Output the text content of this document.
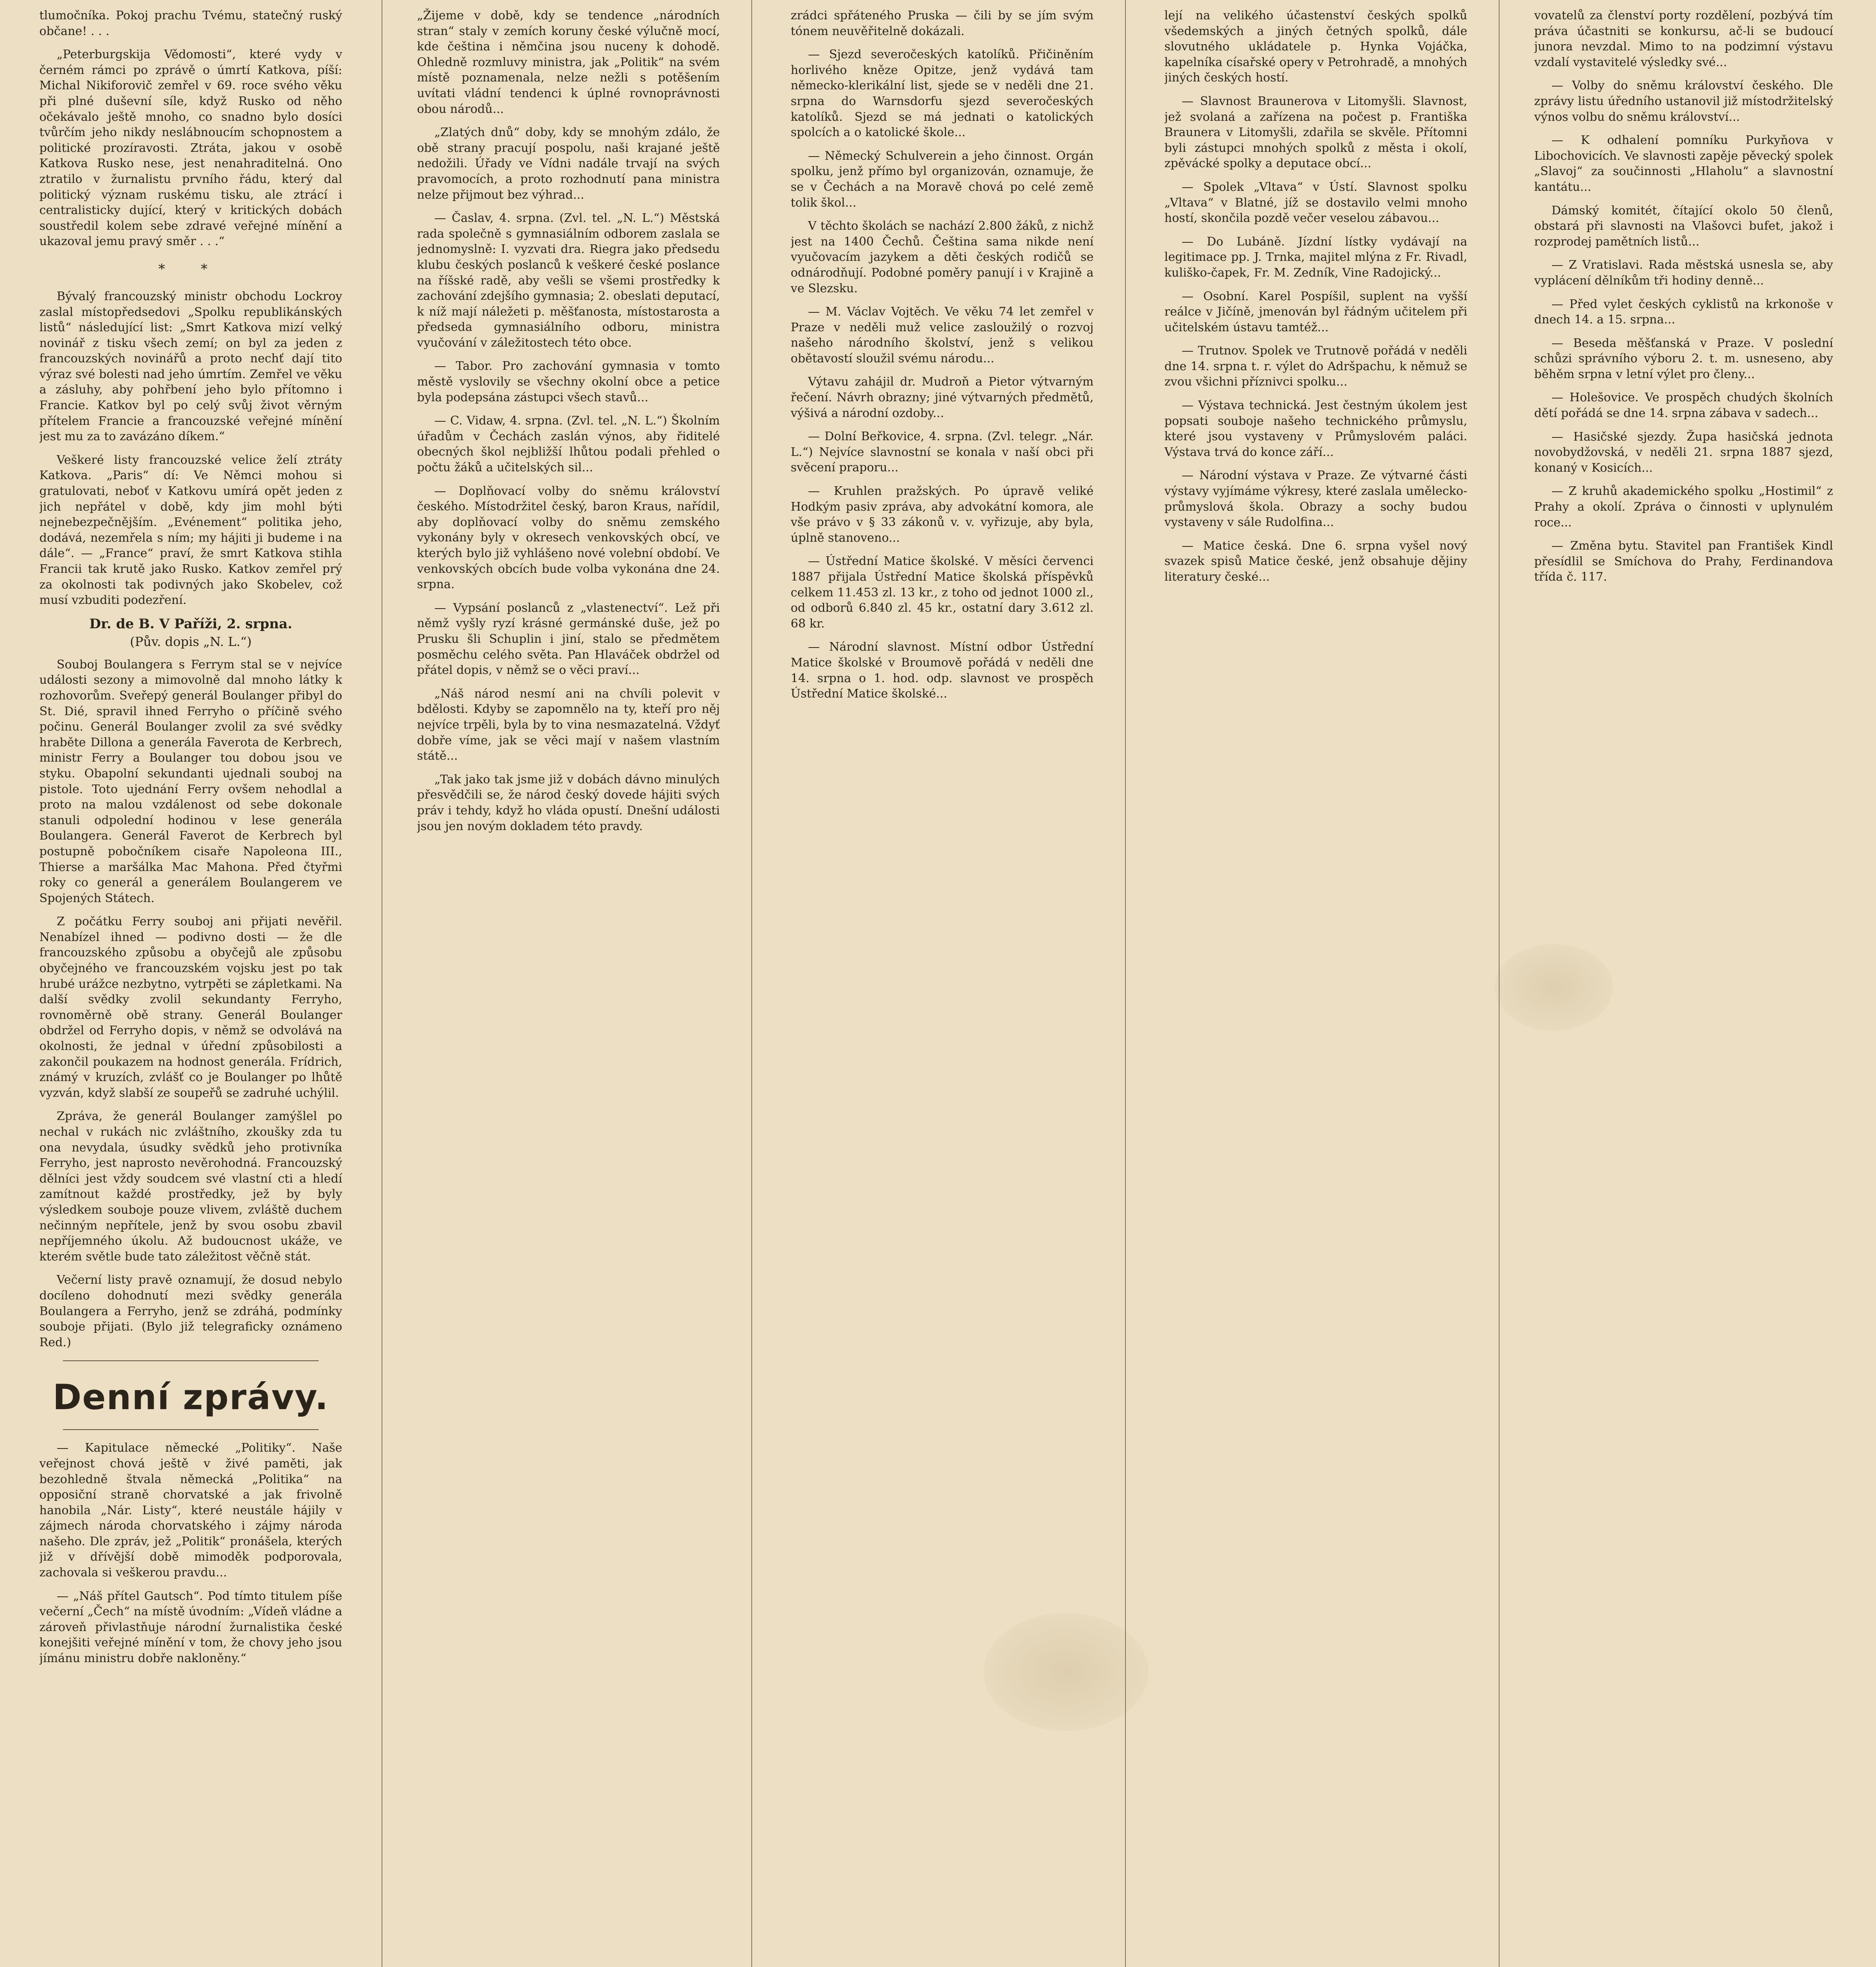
tlumočníka. Pokoj prachu Tvému, statečný ruský občane! . . .

„Peterburgskija Vědomosti“, které vydy v černém rámci po zprávě o úmrtí Katkova, píší: Michal Nikiforovič zemřel v 69. roce svého věku při plné duševní síle, když Rusko od něho očekávalo ještě mnoho, co snadno bylo dosíci tvůrčím jeho nikdy neslábnoucím schopnostem a politické prozíravosti. Ztráta, jakou v osobě Katkova Rusko nese, jest nenahraditelná. Ono ztratilo v žurnalistu prvního řádu, který dal politický význam ruskému tisku, ale ztrácí i centralisticky dující, který v kritických dobách soustředil kolem sebe zdravé veřejné mínění a ukazoval jemu pravý směr . . .“

* *

Bývalý francouzský ministr obchodu Lockroy zaslal místopředsedovi „Spolku republikánských listů“ následující list: „Smrt Katkova mizí velký novinář z tisku všech zemí; on byl za jeden z francouzských novinářů a proto nechť dají tito výraz své bolesti nad jeho úmrtím. Zemřel ve věku a zásluhy, aby pohřbení jeho bylo přítomno i Francie. Katkov byl po celý svůj život věrným přítelem Francie a francouzské veřejné mínění jest mu za to zavázáno díkem.“

Veškeré listy francouzské velice želí ztráty Katkova. „Paris“ dí: Ve Němci mohou si gratulovati, neboť v Katkovu umírá opět jeden z jich nepřátel v době, kdy jim mohl býti nejnebezpečnějším. „Evénement“ politika jeho, dodává, nezemřela s ním; my hájiti ji budeme i na dále“. — „France“ praví, že smrt Katkova stihla Francii tak krutě jako Rusko. Katkov zemřel prý za okolnosti tak podivných jako Skobelev, což musí vzbuditi podezření.

Dr. de B. V Paříži, 2. srpna.
(Pův. dopis „N. L.“)

Souboj Boulangera s Ferrym stal se v nejvíce události sezony a mimovolně dal mnoho látky k rozhovorům. Sveřepý generál Boulanger přibyl do St. Dié, spravil ihned Ferryho o příčině svého počinu. Generál Boulanger zvolil za své svědky hraběte Dillona a generála Faverota de Kerbrech, ministr Ferry a Boulanger tou dobou jsou ve styku. Obapolní sekundanti ujednali souboj na pistole. Toto ujednání Ferry ovšem nehodlal a proto na malou vzdálenost od sebe dokonale stanuli odpolední hodinou v lese generála Boulangera. Generál Faverot de Kerbrech byl postupně pobočníkem cisaře Napoleona III., Thierse a maršálka Mac Mahona. Před čtyřmi roky co generál a generálem Boulangerem ve Spojených Státech.

Z počátku Ferry souboj ani přijati nevěřil. Nenabízel ihned — podivno dosti — že dle francouzského způsobu a obyčejů ale způsobu obyčejného ve francouzském vojsku jest po tak hrubé urážce nezbytno, vytrpěti se zápletkami. Na další svědky zvolil sekundanty Ferryho, rovnoměrně obě strany. Generál Boulanger obdržel od Ferryho dopis, v němž se odvolává na okolnosti, že jednal v úřední způsobilosti a zakončil poukazem na hodnost generála. Frídrich, známý v kruzích, zvlášť co je Boulanger po lhůtě vyzván, když slabší ze soupeřů se zadruhé uchýlil.

Zpráva, že generál Boulanger zamýšlel po nechal v rukách nic zvláštního, zkoušky zda tu ona nevydala, úsudky svědků jeho protivníka Ferryho, jest naprosto nevěrohodná. Francouzský dělníci jest vždy soudcem své vlastní cti a hledí zamítnout každé prostředky, jež by byly výsledkem souboje pouze vlivem, zvláště duchem nečinným nepřítele, jenž by svou osobu zbavil nepříjemného úkolu. Až budoucnost ukáže, ve kterém světle bude tato záležitost věčně stát.

Večerní listy pravě oznamují, že dosud nebylo docíleno dohodnutí mezi svědky generála Boulangera a Ferryho, jenž se zdráhá, podmínky souboje přijati. (Bylo již telegraficky oznámeno Red.)

Denní zprávy.

— Kapitulace německé „Politiky“. Naše veřejnost chová ještě v živé paměti, jak bezohledně štvala německá „Politika“ na opposiční straně chorvatské a jak frivolně hanobila „Nár. Listy“, které neustále hájily v zájmech národa chorvatského i zájmy národa našeho. Dle zpráv, jež „Politik“ pronášela, kterých již v dřívější době mimoděk podporovala, zachovala si veškerou pravdu...

— „Náš přítel Gautsch“. Pod tímto titulem píše večerní „Čech“ na místě úvodním: „Vídeň vládne a zároveň přivlastňuje národní žurnalistika české konejšiti veřejné mínění v tom, že chovy jeho jsou jímánu ministru dobře nakloněny.“

„Žijeme v době, kdy se tendence „národních stran“ staly v zemích koruny české výlučně mocí, kde čeština i němčina jsou nuceny k dohodě. Ohledně rozmluvy ministra, jak „Politik“ na svém místě poznamenala, nelze nežli s potěšením uvítati vládní tendenci k úplné rovnoprávnosti obou národů...

„Zlatých dnů“ doby, kdy se mnohým zdálo, že obě strany pracují pospolu, naši krajané ještě nedožili. Úřady ve Vídni nadále trvají na svých pravomocích, a proto rozhodnutí pana ministra nelze přijmout bez výhrad...

— Časlav, 4. srpna. (Zvl. tel. „N. L.“) Městská rada společně s gymnasiálním odborem zaslala se jednomyslně: I. vyzvati dra. Riegra jako předsedu klubu českých poslanců k veškeré české poslance na říšské radě, aby vešli se všemi prostředky k zachování zdejšího gymnasia; 2. obeslati deputací, k níž mají náležeti p. měšťanosta, místostarosta a předseda gymnasiálního odboru, ministra vyučování v záležitostech této obce.

— Tabor. Pro zachování gymnasia v tomto městě vyslovily se všechny okolní obce a petice byla podepsána zástupci všech stavů...

— C. Vidaw, 4. srpna. (Zvl. tel. „N. L.“) Školním úřadům v Čechách zaslán výnos, aby řiditelé obecných škol nejbližší lhůtou podali přehled o počtu žáků a učitelských sil...

— Doplňovací volby do sněmu království českého. Místodržitel český, baron Kraus, nařídil, aby doplňovací volby do sněmu zemského vykonány byly v okresech venkovských obcí, ve kterých bylo již vyhlášeno nové volební období. Ve venkovských obcích bude volba vykonána dne 24. srpna.

— Vypsání poslanců z „vlastenectví“. Lež při němž vyšly ryzí krásné germánské duše, jež po Prusku šli Schuplin i jiní, stalo se předmětem posměchu celého světa. Pan Hlaváček obdržel od přátel dopis, v němž se o věci praví...

„Náš národ nesmí ani na chvíli polevit v bdělosti. Kdyby se zapomnělo na ty, kteří pro něj nejvíce trpěli, byla by to vina nesmazatelná. Vždyť dobře víme, jak se věci mají v našem vlastním státě...

„Tak jako tak jsme již v dobách dávno minulých přesvědčili se, že národ český dovede hájiti svých práv i tehdy, když ho vláda opustí. Dnešní události jsou jen novým dokladem této pravdy.

zrádci spřáteného Pruska — čili by se jím svým tónem neuvěřitelně dokázali.

— Sjezd severočeských katolíků. Přičiněním horlivého kněze Opitze, jenž vydává tam německo-klerikální list, sjede se v neděli dne 21. srpna do Warnsdorfu sjezd severočeských katolíků. Sjezd se má jednati o katolických spolcích a o katolické škole...

— Německý Schulverein a jeho činnost. Orgán spolku, jenž přímo byl organizován, oznamuje, že se v Čechách a na Moravě chová po celé země tolik škol...

V těchto školách se nachází 2.800 žáků, z nichž jest na 1400 Čechů. Čeština sama nikde není vyučovacím jazykem a děti českých rodičů se odnárodňují. Podobné poměry panují i v Krajině a ve Slezsku.

— M. Václav Vojtěch. Ve věku 74 let zemřel v Praze v neděli muž velice zasloužilý o rozvoj našeho národního školství, jenž s velikou obětavostí sloužil svému národu...

Výtavu zahájil dr. Mudroň a Pietor výtvarným řečení. Návrh obrazny; jiné výtvarných předmětů, výšivá a národní ozdoby...

— Dolní Beřkovice, 4. srpna. (Zvl. telegr. „Nár. L.“) Nejvíce slavnostní se konala v naší obci při svěcení praporu...

— Kruhlen pražských. Po úpravě veliké Hodkým pasiv zpráva, aby advokátní komora, ale vše právo v § 33 zákonů v. v. vyřizuje, aby byla, úplně stanoveno...

— Ústřední Matice školské. V měsíci červenci 1887 přijala Ústřední Matice školská příspěvků celkem 11.453 zl. 13 kr., z toho od jednot 1000 zl., od odborů 6.840 zl. 45 kr., ostatní dary 3.612 zl. 68 kr.

— Národní slavnost. Místní odbor Ústřední Matice školské v Broumově pořádá v neděli dne 14. srpna o 1. hod. odp. slavnost ve prospěch Ústřední Matice školské...

lejí na velikého účastenství českých spolků všedemských a jiných četných spolků, dále slovutného ukládatele p. Hynka Vojáčka, kapelníka císařské opery v Petrohradě, a mnohých jiných českých hostí.

— Slavnost Braunerova v Litomyšli. Slavnost, jež svolaná a zařízena na počest p. Františka Braunera v Litomyšli, zdařila se skvěle. Přítomni byli zástupci mnohých spolků z města i okolí, zpěvácké spolky a deputace obcí...

— Spolek „Vltava“ v Ústí. Slavnost spolku „Vltava“ v Blatné, jíž se dostavilo velmi mnoho hostí, skončila pozdě večer veselou zábavou...

— Do Lubáně. Jízdní lístky vydávají na legitimace pp. J. Trnka, majitel mlýna z Fr. Rivadl, kuliško-čapek, Fr. M. Zedník, Vine Radojický...

— Osobní. Karel Pospíšil, suplent na vyšší reálce v Jičíně, jmenován byl řádným učitelem při učitelském ústavu tamtéž...

— Trutnov. Spolek ve Trutnově pořádá v neděli dne 14. srpna t. r. výlet do Adršpachu, k němuž se zvou všichni příznivci spolku...

— Výstava technická. Jest čestným úkolem jest popsati souboje našeho technického průmyslu, které jsou vystaveny v Průmyslovém paláci. Výstava trvá do konce září...

— Národní výstava v Praze. Ze výtvarné části výstavy vyjímáme výkresy, které zaslala umělecko-průmyslová škola. Obrazy a sochy budou vystaveny v sále Rudolfina...

— Matice česká. Dne 6. srpna vyšel nový svazek spisů Matice české, jenž obsahuje dějiny literatury české...

vovatelů za členství porty rozdělení, pozbývá tím práva účastniti se konkursu, ač-li se budoucí junora nevzdal. Mimo to na podzimní výstavu vzdalí vystavitelé výsledky své...

— Volby do sněmu království českého. Dle zprávy listu úředního ustanovil již místodržitelský výnos volbu do sněmu království...

— K odhalení pomníku Purkyňova v Libochovicích. Ve slavnosti zapěje pěvecký spolek „Slavoj“ za součinnosti „Hlaholu“ a slavnostní kantátu...

Dámský komitét, čítající okolo 50 členů, obstará při slavnosti na Vlašovci bufet, jakož i rozprodej pamětních listů...

— Z Vratislavi. Rada městská usnesla se, aby vyplácení dělníkům tři hodiny denně...

— Před vylet českých cyklistů na krkonoše v dnech 14. a 15. srpna...

— Beseda měšťanská v Praze. V poslední schůzi správního výboru 2. t. m. usneseno, aby běhěm srpna v letní výlet pro členy...

— Holešovice. Ve prospěch chudých školních dětí pořádá se dne 14. srpna zábava v sadech...

— Hasičské sjezdy. Župa hasičská jednota novobydžovská, v neděli 21. srpna 1887 sjezd, konaný v Kosicích...

— Z kruhů akademického spolku „Hostimil“ z Prahy a okolí. Zpráva o činnosti v uplynulém roce...

— Změna bytu. Stavitel pan František Kindl přesídlil se Smíchova do Prahy, Ferdinandova třída č. 117.
